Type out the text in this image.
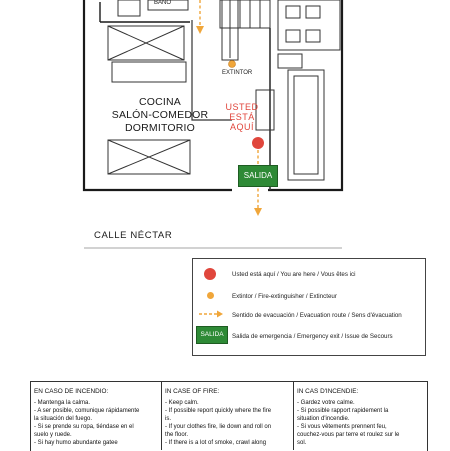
BAÑO
COCINA
SALÓN-COMEDOR
DORMITORIO
EXTINTOR
USTED
ESTÁ
AQUÍ
SALIDA
CALLE NÉCTAR
Usted está aquí / You are here / Vous êtes ici
Extintor / Fire-extinguisher / Extincteur
Sentido de evacuación / Evacuation route / Sens d'évacuation
SALIDA	Salida de emergencia / Emergency exit / Issue de Secours
EN CASO DE INCENDIO:
- Mantenga la calma.
- A ser posible, comunique rápidamente
la situación del fuego.
- Si se prende su ropa, tiéndase en el
suelo y ruede.
- Si hay humo abundante gatee
IN CASE OF FIRE:
- Keep calm.
- If possible report quickly where the fire
is.
- If your clothes fire, lie down and roll on
the floor.
- If there is a lot of smoke, crawl along
IN CAS D'INCENDIE:
- Gardez votre calme.
- Si possible rapport rapidement la
situation d'incendie.
- Si vous vêtements prennent feu,
couchez-vous par terre et roulez sur le
sol.
